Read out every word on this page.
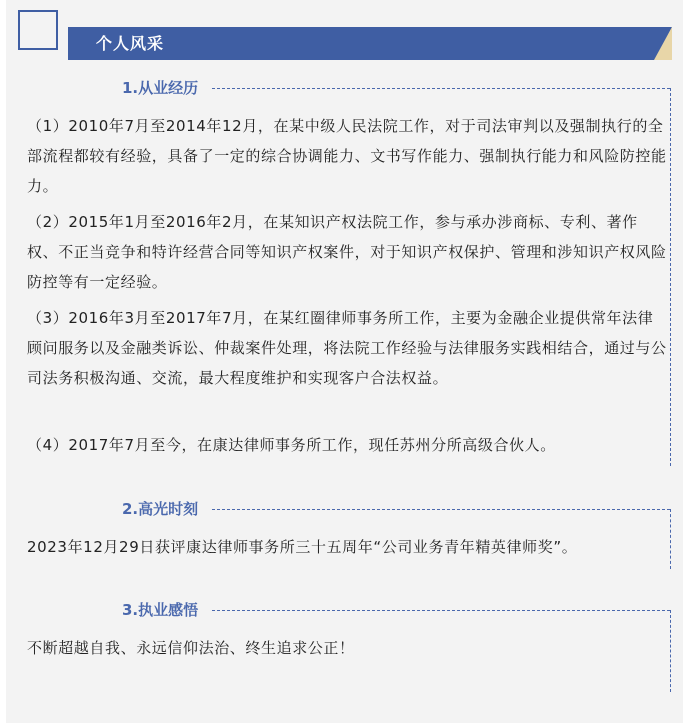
个人风采
1.从业经历
（1）2010年7月至2014年12月，在某中级人民法院工作，对于司法审判以及强制执行的全部流程都较有经验，具备了一定的综合协调能力、文书写作能力、强制执行能力和风险防控能力。
（2）2015年1月至2016年2月，在某知识产权法院工作，参与承办涉商标、专利、著作权、不正当竞争和特许经营合同等知识产权案件，对于知识产权保护、管理和涉知识产权风险防控等有一定经验。
（3）2016年3月至2017年7月，在某红圈律师事务所工作，主要为金融企业提供常年法律顾问服务以及金融类诉讼、仲裁案件处理，将法院工作经验与法律服务实践相结合，通过与公司法务积极沟通、交流，最大程度维护和实现客户合法权益。
（4）2017年7月至今，在康达律师事务所工作，现任苏州分所高级合伙人。
2.高光时刻
2023年12月29日获评康达律师事务所三十五周年“公司业务青年精英律师奖”。
3.执业感悟
不断超越自我、永远信仰法治、终生追求公正！
